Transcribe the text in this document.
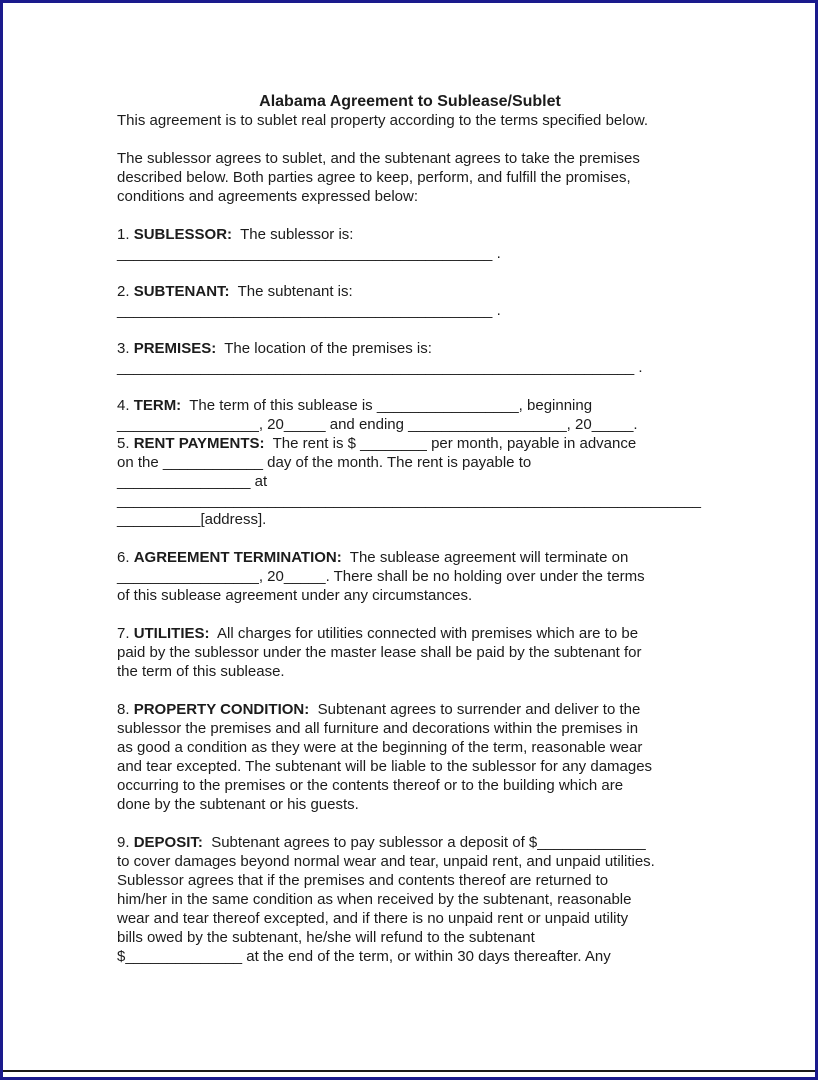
Alabama Agreement to Sublease/Sublet
This agreement is to sublet real property according to the terms specified below.
The sublessor agrees to sublet, and the subtenant agrees to take the premises
described below. Both parties agree to keep, perform, and fulfill the promises,
conditions and agreements expressed below:
1. SUBLESSOR:  The sublessor is:
_____________________________________________ .
2. SUBTENANT:  The subtenant is:
_____________________________________________ .
3. PREMISES:  The location of the premises is:
______________________________________________________________ .
4. TERM:  The term of this sublease is _________________, beginning
_________________, 20_____ and ending ___________________, 20_____.
5. RENT PAYMENTS:  The rent is $ ________ per month, payable in advance
on the ____________ day of the month. The rent is payable to
________________ at
______________________________________________________________________
__________[address].
6. AGREEMENT TERMINATION:  The sublease agreement will terminate on
_________________, 20_____. There shall be no holding over under the terms
of this sublease agreement under any circumstances.
7. UTILITIES:  All charges for utilities connected with premises which are to be
paid by the sublessor under the master lease shall be paid by the subtenant for
the term of this sublease.
8. PROPERTY CONDITION:  Subtenant agrees to surrender and deliver to the
sublessor the premises and all furniture and decorations within the premises in
as good a condition as they were at the beginning of the term, reasonable wear
and tear excepted. The subtenant will be liable to the sublessor for any damages
occurring to the premises or the contents thereof or to the building which are
done by the subtenant or his guests.
9. DEPOSIT:  Subtenant agrees to pay sublessor a deposit of $_____________
to cover damages beyond normal wear and tear, unpaid rent, and unpaid utilities.
Sublessor agrees that if the premises and contents thereof are returned to
him/her in the same condition as when received by the subtenant, reasonable
wear and tear thereof excepted, and if there is no unpaid rent or unpaid utility
bills owed by the subtenant, he/she will refund to the subtenant
$______________ at the end of the term, or within 30 days thereafter. Any
